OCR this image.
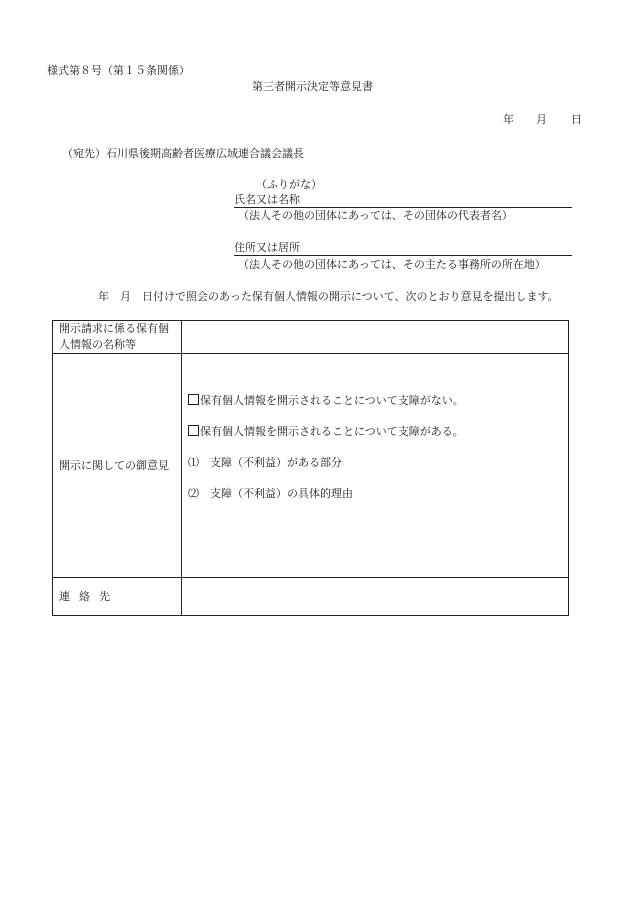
様式第８号（第１５条関係）
第三者開示決定等意見書
年 月 日
（宛先）石川県後期高齢者医療広域連合議会議長
（ふりがな）
氏名又は名称
（法人その他の団体にあっては、その団体の代表者名）
住所又は居所
（法人その他の団体にあっては、その主たる事務所の所在地）
年　月　日付けで照会のあった保有個人情報の開示について、次のとおり意見を提出します。
開示請求に係る保有個人情報の名称等	
開示に関しての御意見	保有個人情報を開示されることについて支障がない。
保有個人情報を開示されることについて支障がある。
⑴　支障（不利益）がある部分
⑵　支障（不利益）の具体的理由

連絡先	
